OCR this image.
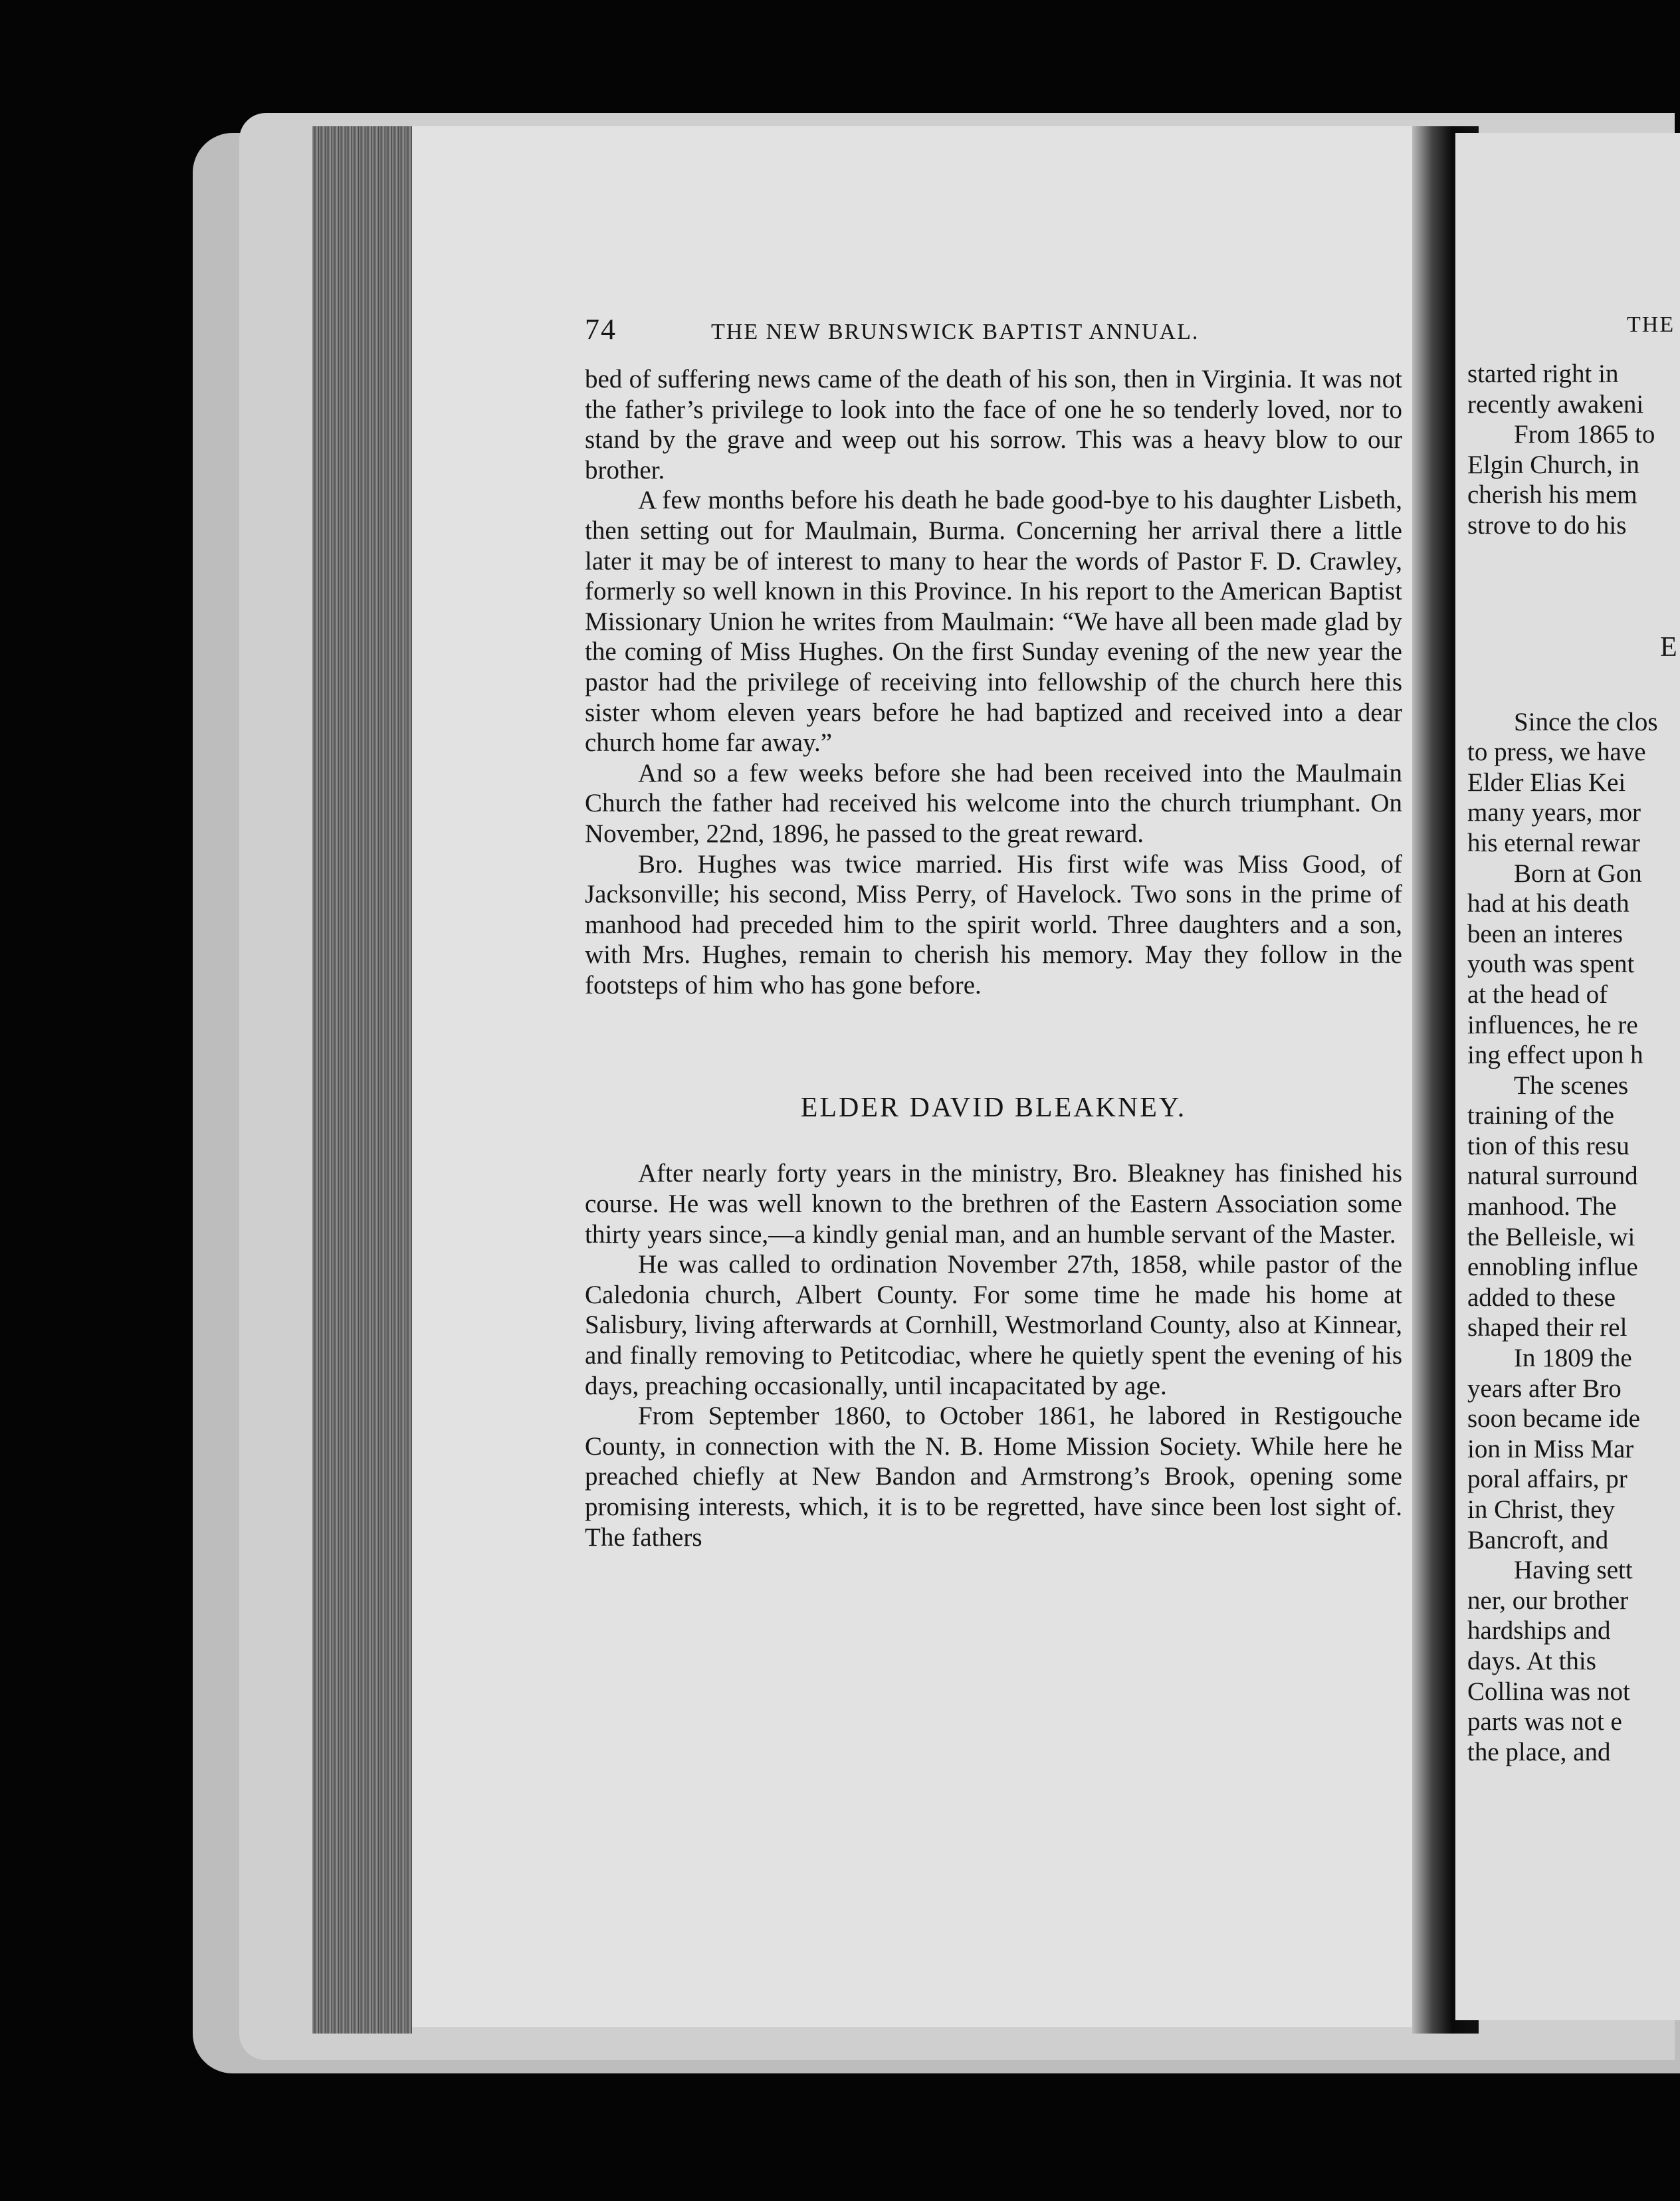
74	THE NEW BRUNSWICK BAPTIST ANNUAL.

bed of suffering news came of the death of his son, then in Virginia. It was not the father’s privilege to look into the face of one he so tenderly loved, nor to stand by the grave and weep out his sorrow. This was a heavy blow to our brother.

A few months before his death he bade good-bye to his daughter Lisbeth, then setting out for Maulmain, Burma. Concerning her arrival there a little later it may be of interest to many to hear the words of Pastor F. D. Crawley, formerly so well known in this Province. In his report to the American Baptist Missionary Union he writes from Maulmain: “We have all been made glad by the coming of Miss Hughes. On the first Sunday evening of the new year the pastor had the privilege of receiving into fellowship of the church here this sister whom eleven years before he had baptized and received into a dear church home far away.”

And so a few weeks before she had been received into the Maulmain Church the father had received his welcome into the church triumphant. On November, 22nd, 1896, he passed to the great reward.

Bro. Hughes was twice married. His first wife was Miss Good, of Jacksonville; his second, Miss Perry, of Havelock. Two sons in the prime of manhood had preceded him to the spirit world. Three daughters and a son, with Mrs. Hughes, remain to cherish his memory. May they follow in the footsteps of him who has gone before.

ELDER DAVID BLEAKNEY.

After nearly forty years in the ministry, Bro. Bleakney has finished his course. He was well known to the brethren of the Eastern Association some thirty years since,—a kindly genial man, and an humble servant of the Master.

He was called to ordination November 27th, 1858, while pastor of the Caledonia church, Albert County. For some time he made his home at Salisbury, living afterwards at Cornhill, Westmorland County, also at Kinnear, and finally removing to Petitcodiac, where he quietly spent the evening of his days, preaching occasionally, until incapacitated by age.

From September 1860, to October 1861, he labored in Restigouche County, in connection with the N. B. Home Mission Society. While here he preached chiefly at New Bandon and Armstrong’s Brook, opening some promising interests, which, it is to be regretted, have since been lost sight of. The fathers

THE
started right in
recently awakeni
From 1865 to
Elgin Church, in
cherish his mem
strove to do his
E
Since the clos
to press, we have
Elder Elias Kei
many years, mor
his eternal rewar
Born at Gon
had at his death
been an interes
youth was spent
at the head of
influences, he re
ing effect upon h
The scenes
training of the
tion of this resu
natural surround
manhood. The
the Belleisle, wi
ennobling influe
added to these
shaped their rel
In 1809 the
years after Bro
soon became ide
ion in Miss Mar
poral affairs, pr
in Christ, they
Bancroft, and
Having sett
ner, our brother
hardships and
days. At this
Collina was not
parts was not e
the place, and
